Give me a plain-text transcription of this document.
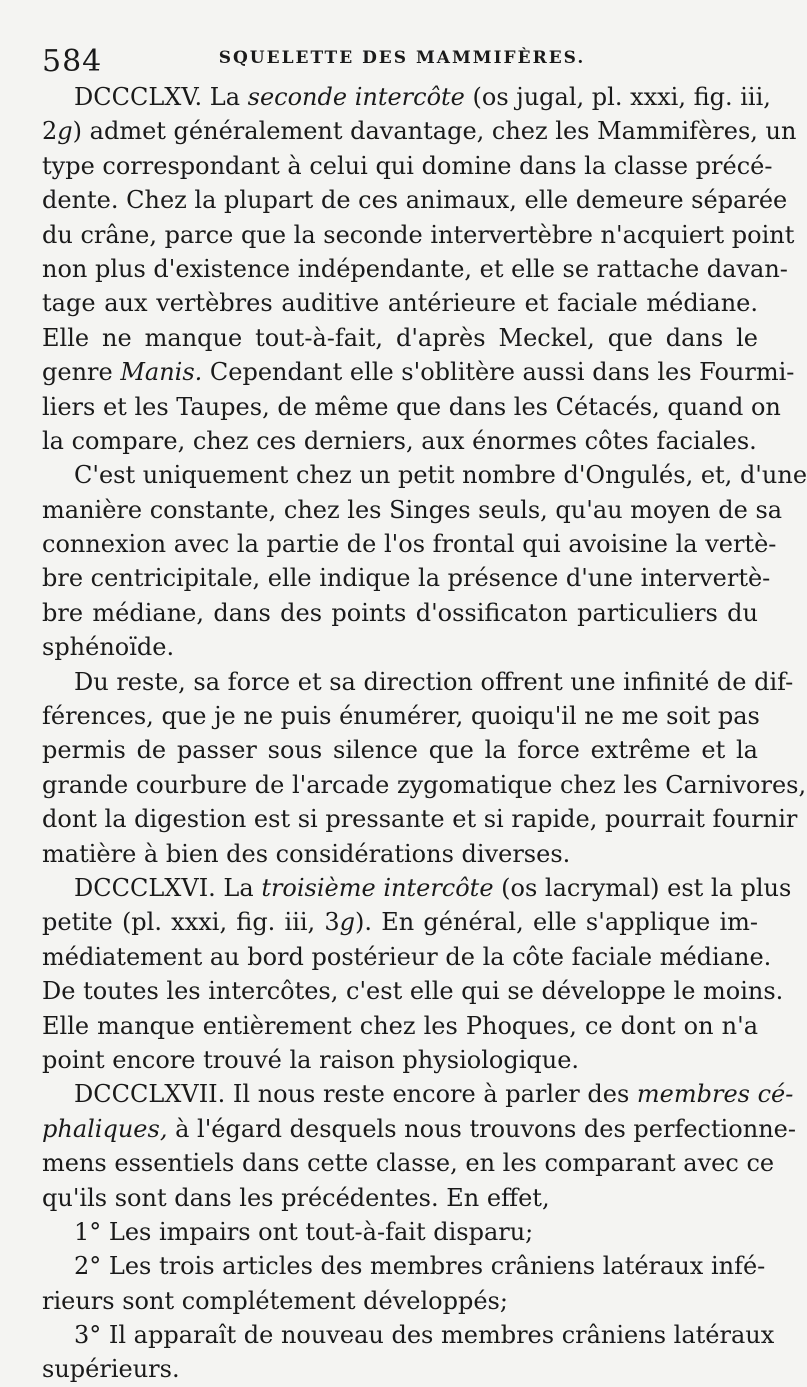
584	SQUELETTE DES MAMMIFÈRES.
DCCCLXV. La seconde intercôte (os jugal, pl. xxxi, fig. iii,
2g) admet généralement davantage, chez les Mammifères, un
type correspondant à celui qui domine dans la classe précé-
dente. Chez la plupart de ces animaux, elle demeure séparée
du crâne, parce que la seconde intervertèbre n'acquiert point
non plus d'existence indépendante, et elle se rattache davan-
tage aux vertèbres auditive antérieure et faciale médiane.
Elle ne manque tout-à-fait, d'après Meckel, que dans le
genre Manis. Cependant elle s'oblitère aussi dans les Fourmi-
liers et les Taupes, de même que dans les Cétacés, quand on
la compare, chez ces derniers, aux énormes côtes faciales.
C'est uniquement chez un petit nombre d'Ongulés, et, d'une
manière constante, chez les Singes seuls, qu'au moyen de sa
connexion avec la partie de l'os frontal qui avoisine la vertè-
bre centricipitale, elle indique la présence d'une intervertè-
bre médiane, dans des points d'ossificaton particuliers du
sphénoïde.
Du reste, sa force et sa direction offrent une infinité de dif-
férences, que je ne puis énumérer, quoiqu'il ne me soit pas
permis de passer sous silence que la force extrême et la
grande courbure de l'arcade zygomatique chez les Carnivores,
dont la digestion est si pressante et si rapide, pourrait fournir
matière à bien des considérations diverses.
DCCCLXVI. La troisième intercôte (os lacrymal) est la plus
petite (pl. xxxi, fig. iii, 3g). En général, elle s'applique im-
médiatement au bord postérieur de la côte faciale médiane.
De toutes les intercôtes, c'est elle qui se développe le moins.
Elle manque entièrement chez les Phoques, ce dont on n'a
point encore trouvé la raison physiologique.
DCCCLXVII. Il nous reste encore à parler des membres cé-
phaliques, à l'égard desquels nous trouvons des perfectionne-
mens essentiels dans cette classe, en les comparant avec ce
qu'ils sont dans les précédentes. En effet,
1° Les impairs ont tout-à-fait disparu;
2° Les trois articles des membres crâniens latéraux infé-
rieurs sont complétement développés;
3° Il apparaît de nouveau des membres crâniens latéraux
supérieurs.
